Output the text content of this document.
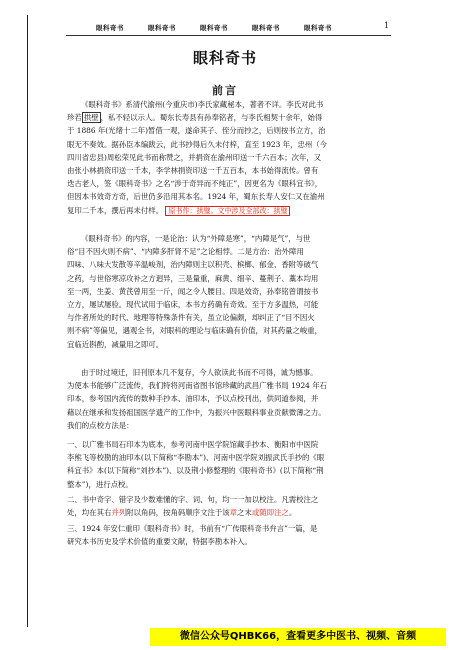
眼科奇书	眼科奇书	眼科奇书	眼科奇书	眼科奇书	1
眼科奇书
前言
《眼科奇书》系清代渝州(今重庆市)李氏家藏秘本，著者不详。李氏对此书
珍若 拱壁 ，私不轻以示人。蜀东长寿县有孙奉铭者，与李氏相契十余年，始得
于 1886 年(光绪十二年)暂借一观，遂命其子、侄分而抄之，后则按书立方，治
眼无不奏效。据孙臣本编跋云，此书抄得后久未付梓，直至 1923 年，忠州（今
四川省忠县)周松荣见此书而称赞之，并捐资在渝州印送一千六百本；次年，又
由张小林捐资印送一千本，李学林捐资印送一千五百本，本书始得流传。曾有
迭古老人，签《眼科奇书》之名“涉于奇异而不纯正”，因更名为《眼科宜书》，
但因本书效奇方奇，后世仍多沿用其本名。1924 年，蜀东长寿人安仁又在渝州
复印二千本，撰后再未付样。 原书作：拱璧。文中涉及全部改：拱璧
《眼科奇书》的内容，一是论治：认为“外障是寒”，“内障是气”，与世
俗“目不因火则不病”、“内障多肝肾不足”之论相悖。二是方治：治外障用
四味、八味大发散等辛温峻剂，治内障则主以积壳、槟榔、郁金、香附等破气
之药，与世俗寒凉攻补之方迥异，三是量重，麻黄、细辛、蔓荆子、藁本均用
至一两，生姜、黄芪曾用至一斤，闻之令人腰目。四是效奇，孙奉铭曾谓按书
立方，屡试屡验。现代试用于临床，本书方药确有奇效。至于方多温热，可能
与作者所处的时代、地理等特殊条件有关，虽立论偏颇，却纠正了“目不因火
则不病”等偏见，遇观全书，对眼科的理论与临床确有价值，对其药量之峻重，
宜临近斟酌，减量用之即可。
由于时过境迁，旧刊原本几不复存，今人欲读此书而不可得，诚为憾事。
为使本书能够广泛流传，我们特将河南省图书馆珍藏的武昌广雅书局 1924 年石
印本，参考国内流传的数种手抄本、油印本，予以点校刊出，供同道参阅，并
藉以在继承和发扬祖国医学遗产的工作中，为振兴中医眼科事业贡献微薄之力。
我们的点校方法是：
一、以广雅书局石印本为底本，参考河南中医学院馆藏手抄本、衡阳市中医院
李熊飞等校勘的油印本(以下简称“李勘本”)、河南中医学院刘振武氏手抄的《眼
科宜书》本(以下简称“刘抄本”)、以及荆小修整理的《眼科奇书》(以下简称“荆
整本”)，进行点校。
二、书中奇字、错字及少数难懂的字、词、句，均一一加以校注。凡需校注之
处，均在其右并列附以角码，按角码顺序文注于该章之末或随即注之。
三、1924 年安仁重印《眼科奇书》时，书前有“广传眼科奇书弁言”一篇，是
研究本书历史及学术价值的重要文献，特据李勘本补入。
微信公众号QHBK66，查看更多中医书、视频、音频
